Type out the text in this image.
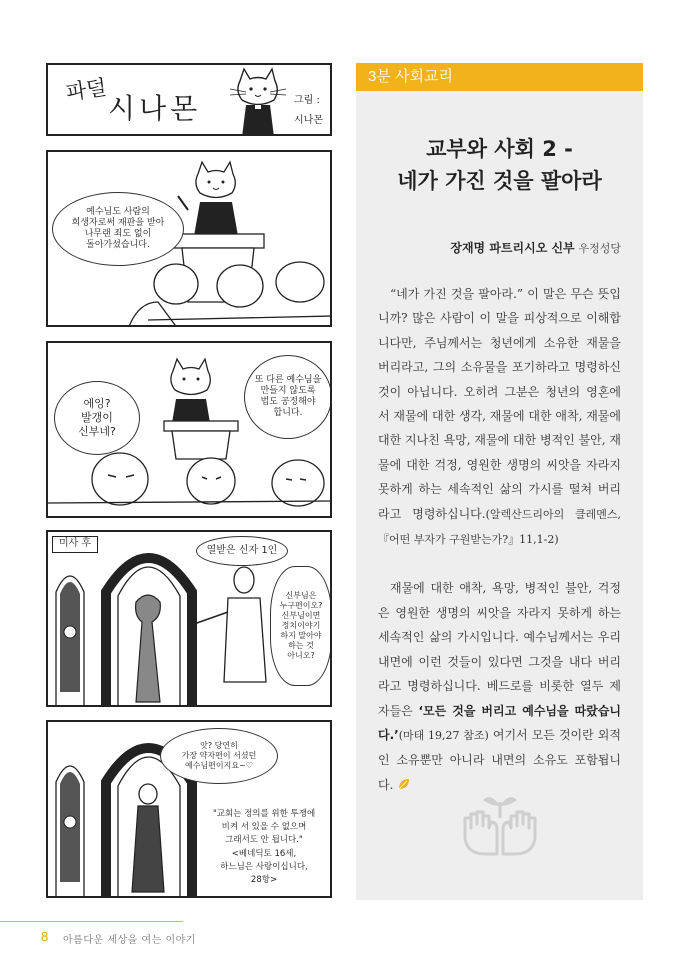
파덜
시나몬	그림 :
시나몬
예수님도 사람의
희생자로써 재판을 받아
나무랜 죄도 없이
돌아가셨습니다.
에잉?
발갱이
신부네?
또 다른 예수님을
만들지 않도록
법도 공정해야
합니다.
미사 후
열받은 신자 1인
신부님은
누구편이오?
신부님이면
정치이야기
하지 말아야
하는 것
아니오?
앗? 당연히
가장 약자편이 서셨던
예수님편이지요~♡
"교회는 정의를 위한 투쟁에
비켜 서 있을 수 없으며
그래서도 안 됩니다."
<베네딕토 16세,
하느님은 사랑이십니다,
28항>
3분 사회교리
교부와 사회 2 -
네가 가진 것을 팔아라
장재명 파트리시오 신부 우정성당

“네가 가진 것을 팔아라.” 이 말은 무슨 뜻입니까? 많은 사람이 이 말을 피상적으로 이해합니다만, 주님께서는 청년에게 소유한 재물을 버리라고, 그의 소유물을 포기하라고 명령하신 것이 아닙니다. 오히려 그분은 청년의 영혼에서 재물에 대한 생각, 재물에 대한 애착, 재물에 대한 지나친 욕망, 재물에 대한 병적인 불안, 재물에 대한 걱정, 영원한 생명의 씨앗을 자라지 못하게 하는 세속적인 삶의 가시를 떨쳐 버리라고 명령하십니다.(알렉산드리아의 클레멘스, 『어떤 부자가 구원받는가?』11,1-2)

재물에 대한 애착, 욕망, 병적인 불안, 걱정은 영원한 생명의 씨앗을 자라지 못하게 하는 세속적인 삶의 가시입니다. 예수님께서는 우리 내면에 이런 것들이 있다면 그것을 내다 버리라고 명령하십니다. 베드로를 비롯한 열두 제자들은 ‘모든 것을 버리고 예수님을 따랐습니다.’(마태 19,27 참조) 여기서 모든 것이란 외적인 소유뿐만 아니라 내면의 소유도 포함됩니다.

8 아름다운 세상을 여는 이야기
